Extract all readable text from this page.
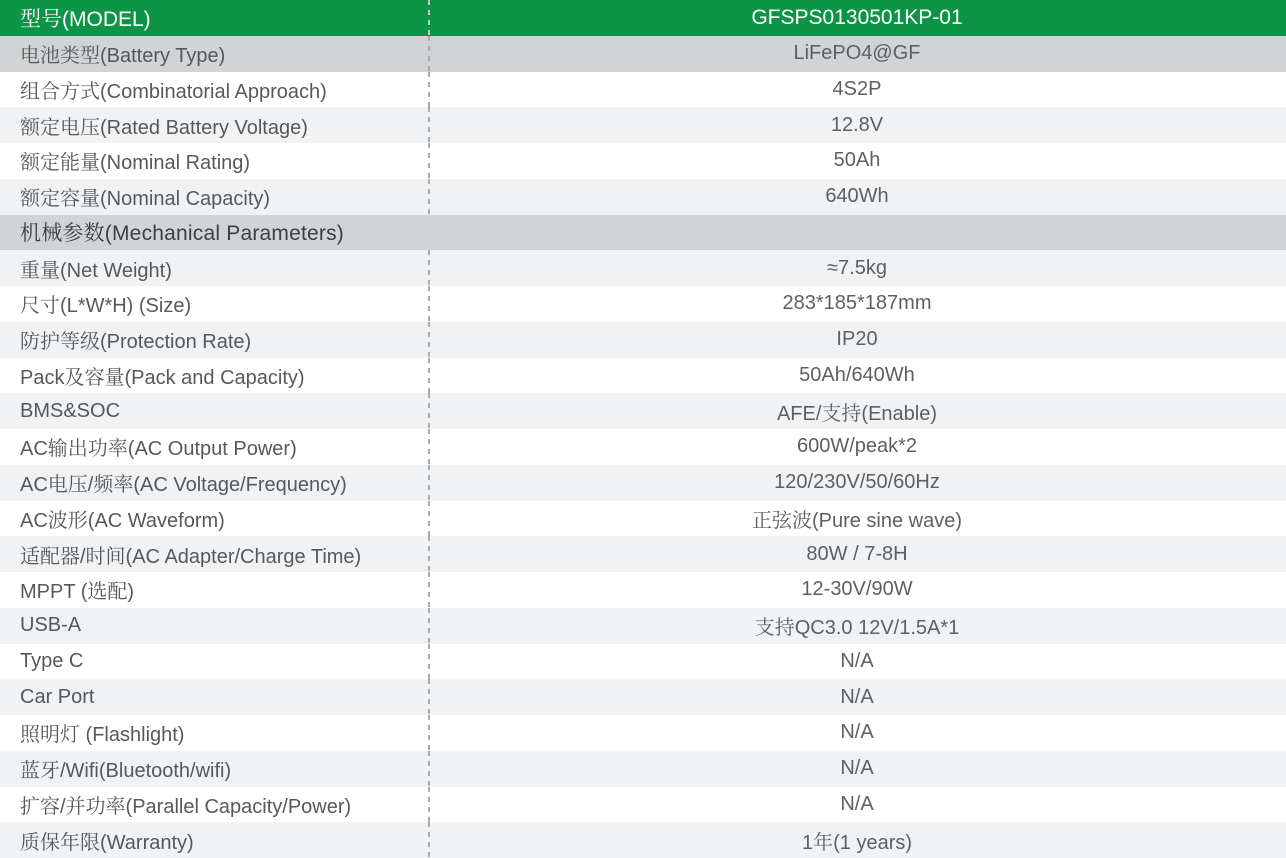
型号(MODEL)	GFSPS0130501KP-01
电池类型(Battery Type)	LiFePO4@GF
组合方式(Combinatorial Approach)	4S2P
额定电压(Rated Battery Voltage)	12.8V
额定能量(Nominal Rating)	50Ah
额定容量(Nominal Capacity)	640Wh
机械参数(Mechanical Parameters)
重量(Net Weight)	≈7.5kg
尺寸(L*W*H) (Size)	283*185*187mm
防护等级(Protection Rate)	IP20
Pack及容量(Pack and Capacity)	50Ah/640Wh
BMS&SOC	AFE/支持(Enable)
AC输出功率(AC Output Power)	600W/peak*2
AC电压/频率(AC Voltage/Frequency)	120/230V/50/60Hz
AC波形(AC Waveform)	正弦波(Pure sine wave)
适配器/时间(AC Adapter/Charge Time)	80W / 7-8H
MPPT (选配)	12-30V/90W
USB-A	支持QC3.0 12V/1.5A*1
Type C	N/A
Car Port	N/A
照明灯 (Flashlight)	N/A
蓝牙/Wifi(Bluetooth/wifi)	N/A
扩容/并功率(Parallel Capacity/Power)	N/A
质保年限(Warranty)	1年(1 years)
